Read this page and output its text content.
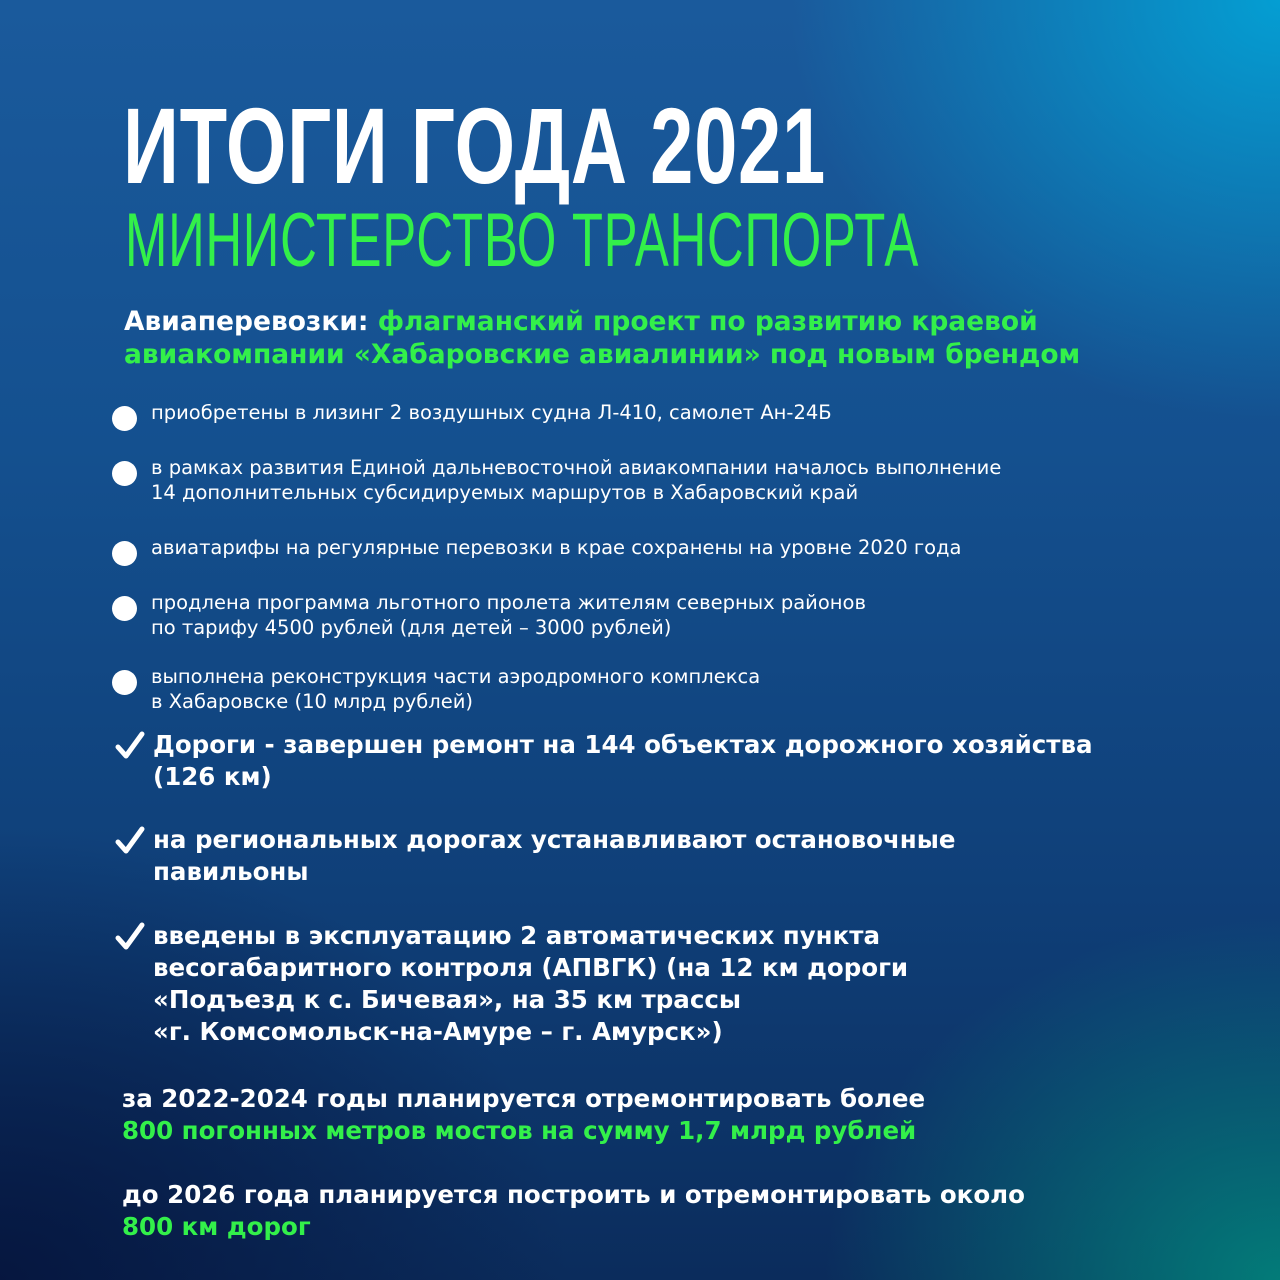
ИТОГИ ГОДА 2021
МИНИСТЕРСТВО ТРАНСПОРТА
Авиаперевозки: флагманский проект по развитию краевой
авиакомпании «Хабаровские авиалинии» под новым брендом
приобретены в лизинг 2 воздушных судна Л-410, самолет Ан-24Б
в рамках развития Единой дальневосточной авиакомпании началось выполнение
14 дополнительных субсидируемых маршрутов в Хабаровский край
авиатарифы на регулярные перевозки в крае сохранены на уровне 2020 года
продлена программа льготного пролета жителям северных районов
по тарифу 4500 рублей (для детей – 3000 рублей)
выполнена реконструкция части аэродромного комплекса
в Хабаровске (10 млрд рублей)
Дороги - завершен ремонт на 144 объектах дорожного хозяйства
(126 км)
на региональных дорогах устанавливают остановочные
павильоны
введены в эксплуатацию 2 автоматических пункта
весогабаритного контроля (АПВГК) (на 12 км дороги
«Подъезд к с. Бичевая», на 35 км трассы
«г. Комсомольск-на-Амуре – г. Амурск»)
за 2022-2024 годы планируется отремонтировать более
800 погонных метров мостов на сумму 1,7 млрд рублей
до 2026 года планируется построить и отремонтировать около
800 км дорог
